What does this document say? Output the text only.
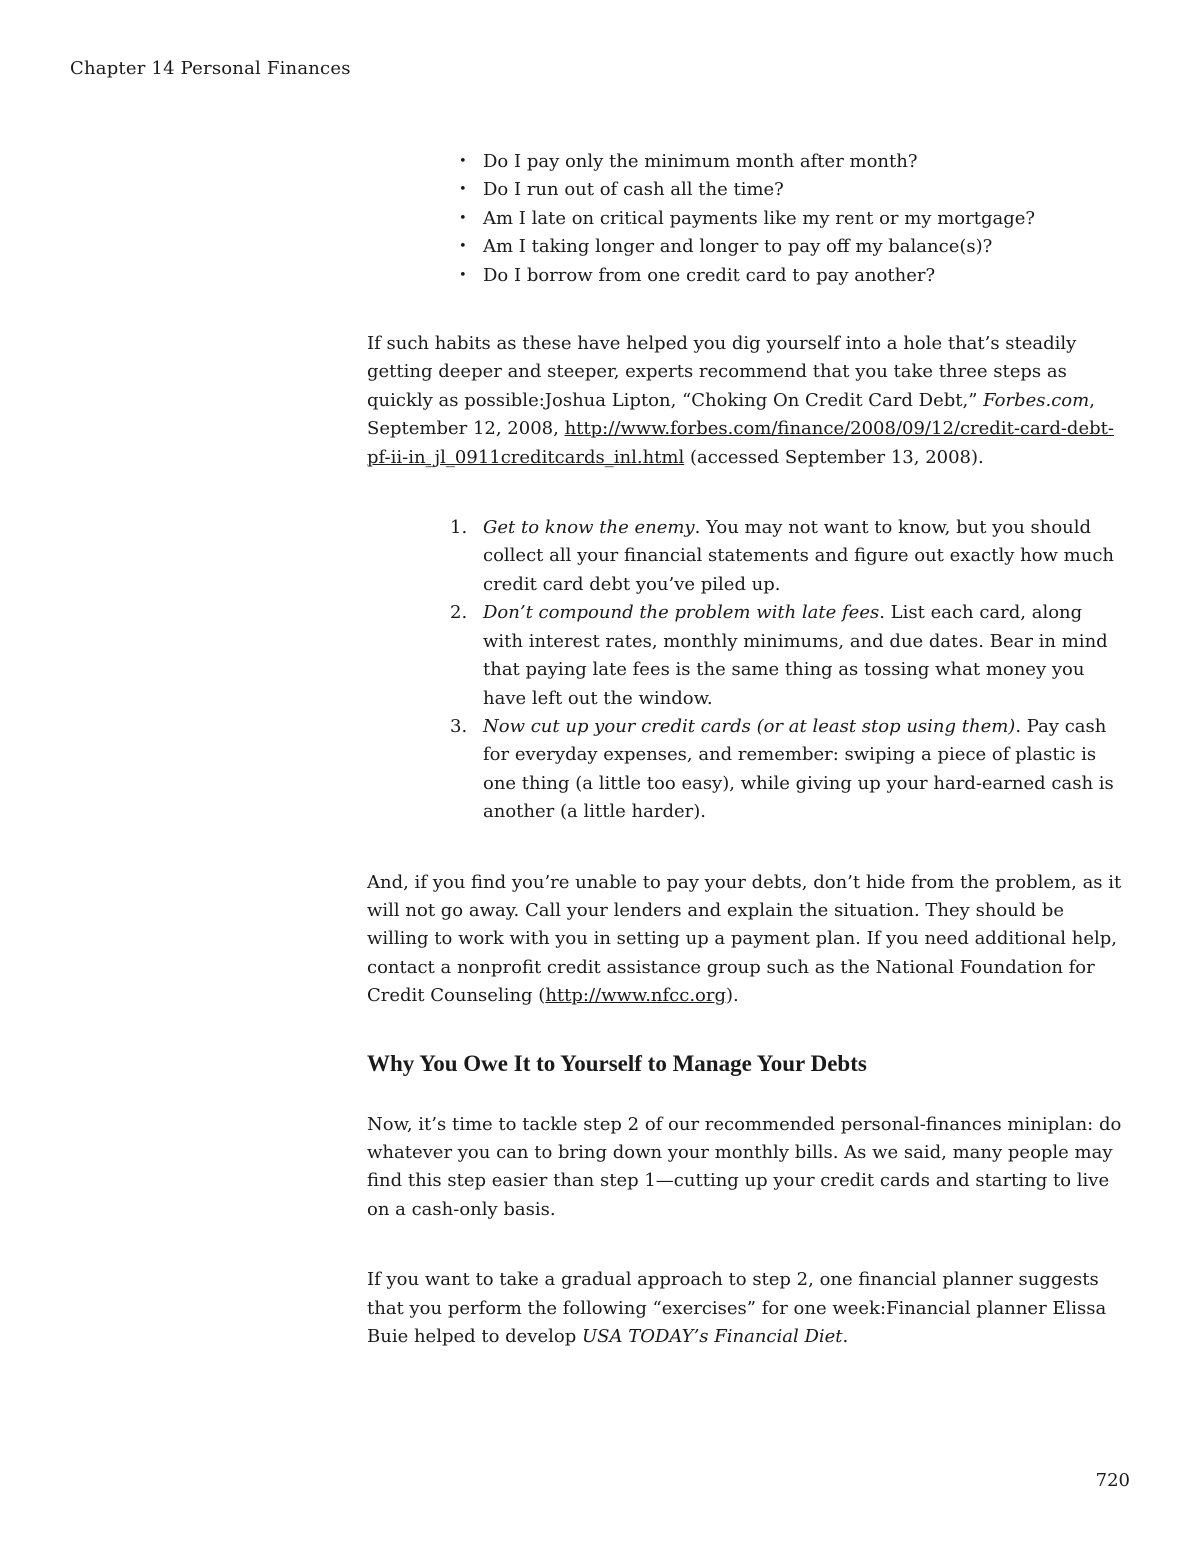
Chapter 14 Personal Finances
• Do I pay only the minimum month after month?
• Do I run out of cash all the time?
• Am I late on critical payments like my rent or my mortgage?
• Am I taking longer and longer to pay off my balance(s)?
• Do I borrow from one credit card to pay another?

If such habits as these have helped you dig yourself into a hole that’s steadily getting deeper and steeper, experts recommend that you take three steps as quickly as possible:Joshua Lipton, “Choking On Credit Card Debt,” Forbes.com, September 12, 2008, http://www.forbes.com/finance/2008/09/12/credit-card-debt-pf-ii-in_jl_0911creditcards_inl.html (accessed September 13, 2008).

1. Get to know the enemy. You may not want to know, but you should collect all your financial statements and figure out exactly how much credit card debt you’ve piled up.
2. Don’t compound the problem with late fees. List each card, along with interest rates, monthly minimums, and due dates. Bear in mind that paying late fees is the same thing as tossing what money you have left out the window.
3. Now cut up your credit cards (or at least stop using them). Pay cash for everyday expenses, and remember: swiping a piece of plastic is one thing (a little too easy), while giving up your hard-earned cash is another (a little harder).

And, if you find you’re unable to pay your debts, don’t hide from the problem, as it will not go away. Call your lenders and explain the situation. They should be willing to work with you in setting up a payment plan. If you need additional help, contact a nonprofit credit assistance group such as the National Foundation for Credit Counseling (http://www.nfcc.org).

Why You Owe It to Yourself to Manage Your Debts

Now, it’s time to tackle step 2 of our recommended personal-finances miniplan: do whatever you can to bring down your monthly bills. As we said, many people may find this step easier than step 1—cutting up your credit cards and starting to live on a cash-only basis.

If you want to take a gradual approach to step 2, one financial planner suggests that you perform the following “exercises” for one week:Financial planner Elissa Buie helped to develop USA TODAY’s Financial Diet.

720
